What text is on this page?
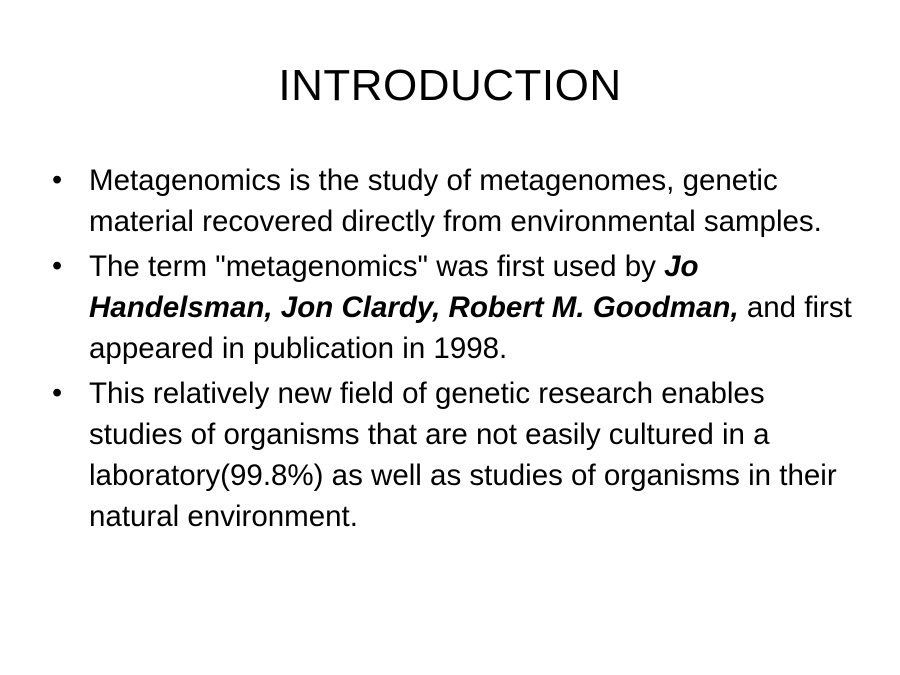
INTRODUCTION
• Metagenomics is the study of metagenomes, genetic material recovered directly from environmental samples.
• The term "metagenomics" was first used by Jo Handelsman, Jon Clardy, Robert M. Goodman, and first appeared in publication in 1998.
• This relatively new field of genetic research enables studies of organisms that are not easily cultured in a laboratory(99.8%) as well as studies of organisms in their natural environment.
